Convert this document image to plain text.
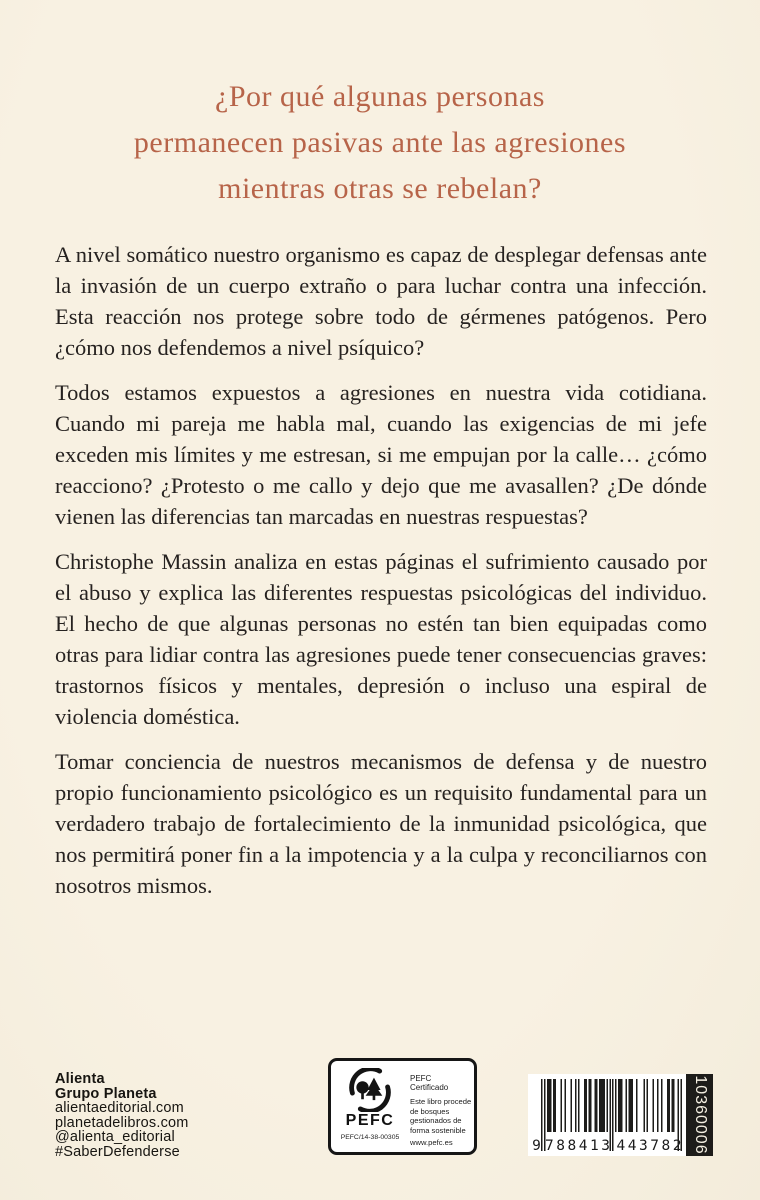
¿Por qué algunas personas
permanecen pasivas ante las agresiones
mientras otras se rebelan?

A nivel somático nuestro organismo es capaz de desplegar defensas ante la invasión de un cuerpo extraño o para luchar contra una infección. Esta reacción nos protege sobre todo de gérmenes patógenos. Pero ¿cómo nos defendemos a nivel psíquico?

Todos estamos expuestos a agresiones en nuestra vida cotidiana. Cuando mi pareja me habla mal, cuando las exigencias de mi jefe exceden mis límites y me estresan, si me empujan por la calle… ¿cómo reacciono? ¿Protesto o me callo y dejo que me avasallen? ¿De dónde vienen las diferencias tan marcadas en nuestras respuestas?

Christophe Massin analiza en estas páginas el sufrimiento causado por el abuso y explica las diferentes respuestas psicológicas del individuo. El hecho de que algunas personas no estén tan bien equipadas como otras para lidiar contra las agresiones puede tener consecuencias graves: trastornos físicos y mentales, depresión o incluso una espiral de violencia doméstica.

Tomar conciencia de nuestros mecanismos de defensa y de nuestro propio funcionamiento psicológico es un requisito fundamental para un verdadero trabajo de fortalecimiento de la inmunidad psicológica, que nos permitirá poner fin a la impotencia y a la culpa y reconciliarnos con nosotros mismos.

Alienta
Grupo Planeta
alientaeditorial.com
planetadelibros.com
@alienta_editorial
#SaberDefenderse
PEFC
PEFC/14-38-00305
PEFC Certificado
Este libro procede de bosques gestionados de forma sostenible
www.pefc.es	9 788413 443782 10360006
